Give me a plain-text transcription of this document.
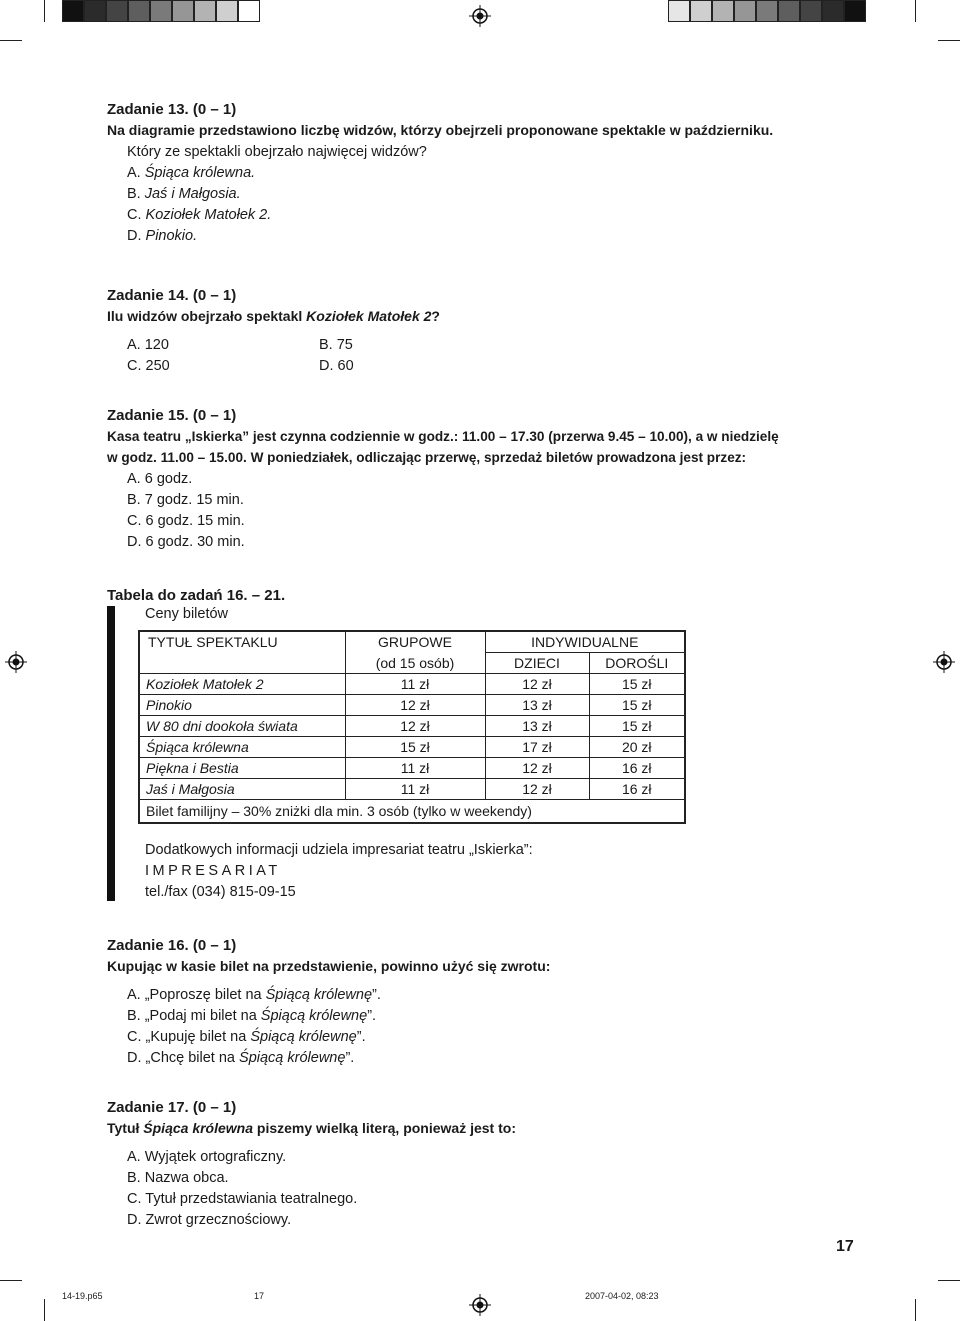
Zadanie 13. (0 – 1)
Na diagramie przedstawiono liczbę widzów, którzy obejrzeli proponowane spektakle w październiku.
Który ze spektakli obejrzało najwięcej widzów?
A. Śpiąca królewna.
B. Jaś i Małgosia.
C. Koziołek Matołek 2.
D. Pinokio.
Zadanie 14. (0 – 1)
Ilu widzów obejrzało spektakl Koziołek Matołek 2?
A. 120	B. 75
C. 250	D. 60
Zadanie 15. (0 – 1)
Kasa teatru „Iskierka” jest czynna codziennie w godz.: 11.00 – 17.30 (przerwa 9.45 – 10.00), a w niedzielę
w godz. 11.00 – 15.00. W poniedziałek, odliczając przerwę, sprzedaż biletów prowadzona jest przez:
A. 6 godz.
B. 7 godz. 15 min.
C. 6 godz. 15 min.
D. 6 godz. 30 min.
Tabela do zadań 16. – 21.
Ceny biletów
TYTUŁ SPEKTAKLU	GRUPOWE	INDYWIDUALNE	
	(od 15 osób)	DZIECI	DOROŚLI
Koziołek Matołek 2	11 zł	12 zł	15 zł
Pinokio	12 zł	13 zł	15 zł
W 80 dni dookoła świata	12 zł	13 zł	15 zł
Śpiąca królewna	15 zł	17 zł	20 zł
Piękna i Bestia	11 zł	12 zł	16 zł
Jaś i Małgosia	11 zł	12 zł	16 zł
Bilet familijny – 30% zniżki dla min. 3 osób (tylko w weekendy)			
Dodatkowych informacji udziela impresariat teatru „Iskierka”:
IMPRESARIAT
tel./fax (034) 815-09-15
Zadanie 16. (0 – 1)
Kupując w kasie bilet na przedstawienie, powinno użyć się zwrotu:
A. „Poproszę bilet na Śpiącą królewnę”.
B. „Podaj mi bilet na Śpiącą królewnę”.
C. „Kupuję bilet na Śpiącą królewnę”.
D. „Chcę bilet na Śpiącą królewnę”.
Zadanie 17. (0 – 1)
Tytuł Śpiąca królewna piszemy wielką literą, ponieważ jest to:
A. Wyjątek ortograficzny.
B. Nazwa obca.
C. Tytuł przedstawiania teatralnego.
D. Zwrot grzecznościowy.
17
14-19.p65	17	2007-04-02, 08:23
